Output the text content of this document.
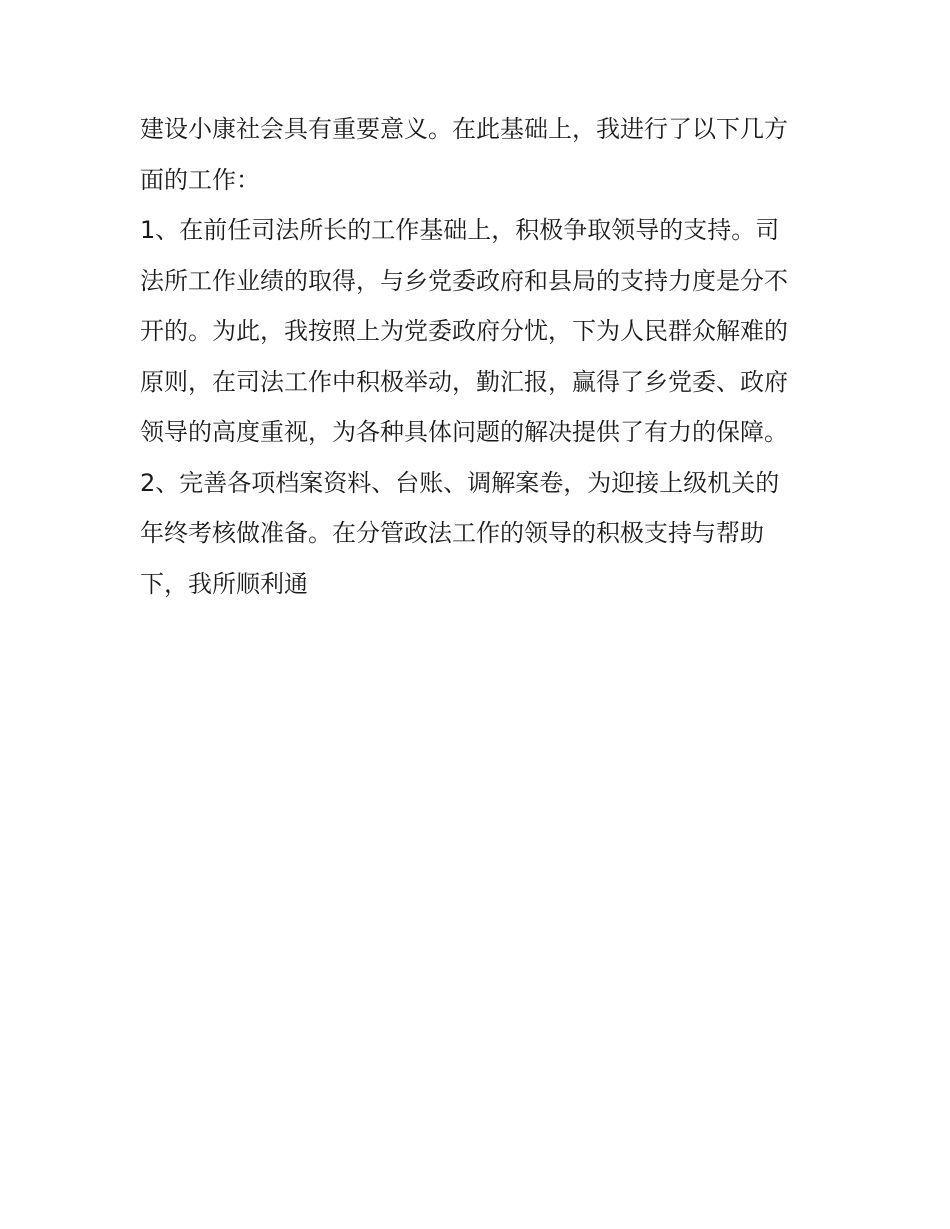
建设小康社会具有重要意义。在此基础上，我进行了以下几方
面的工作：
1、在前任司法所长的工作基础上，积极争取领导的支持。司
法所工作业绩的取得，与乡党委政府和县局的支持力度是分不
开的。为此，我按照上为党委政府分忧，下为人民群众解难的
原则，在司法工作中积极举动，勤汇报，赢得了乡党委、政府
领导的高度重视，为各种具体问题的解决提供了有力的保障。
2、完善各项档案资料、台账、调解案卷，为迎接上级机关的
年终考核做准备。在分管政法工作的领导的积极支持与帮助
下，我所顺利通
